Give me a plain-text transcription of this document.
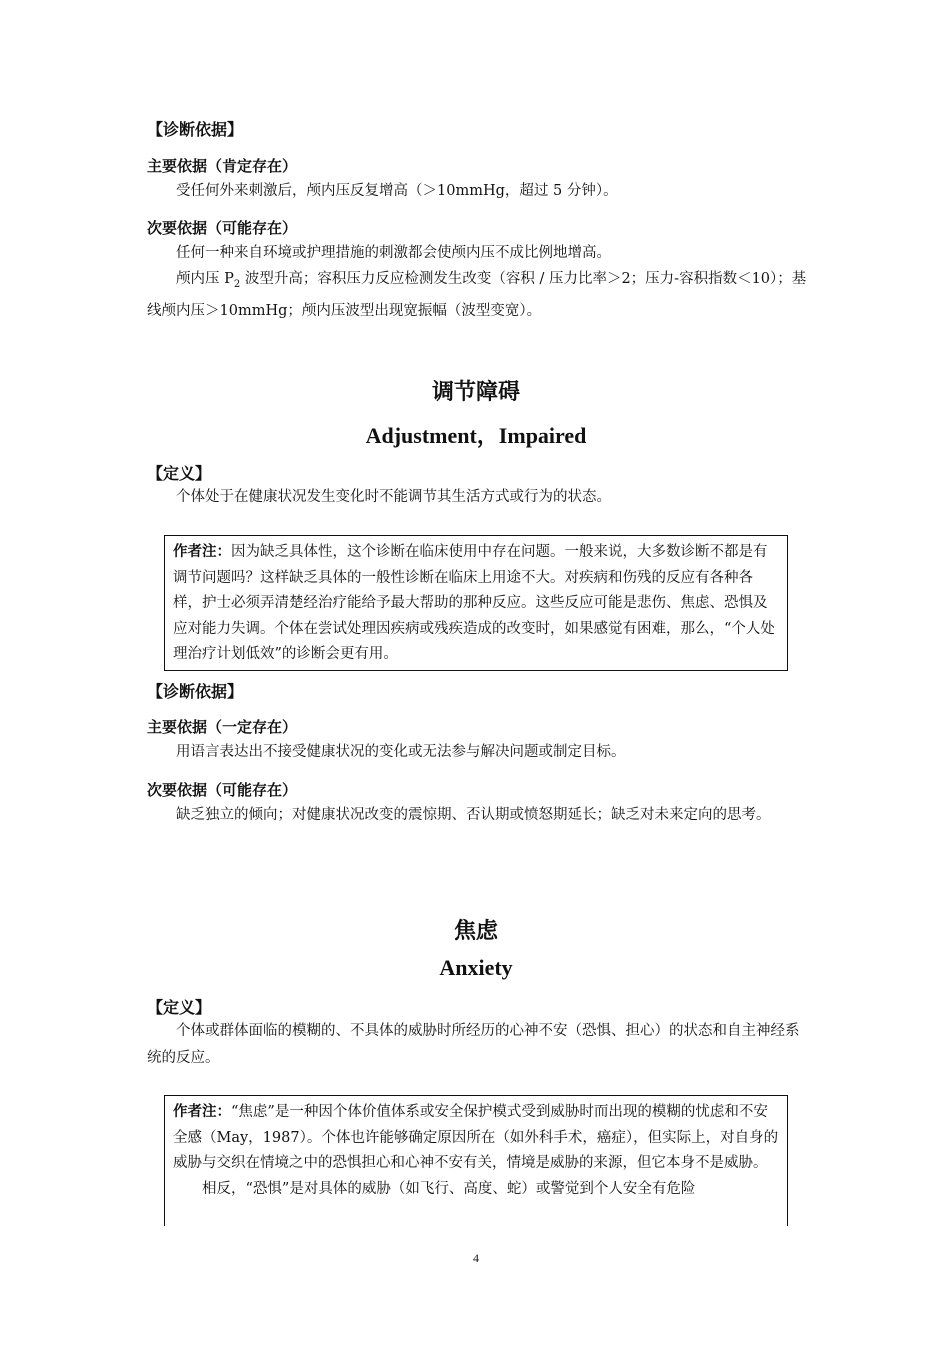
【诊断依据】

主要依据（肯定存在）

受任何外来刺激后，颅内压反复增高（＞10mmHg，超过 5 分钟）。

次要依据（可能存在）

任何一种来自环境或护理措施的刺激都会使颅内压不成比例地增高。

颅内压 $P_2$ 波型升高；容积压力反应检测发生改变（容积 / 压力比率＞2；压力-容积指数＜10）；基线颅内压＞10mmHg；颅内压波型出现宽振幅（波型变宽）。

调节障碍

Adjustment，Impaired

【定义】

个体处于在健康状况发生变化时不能调节其生活方式或行为的状态。

作者注：因为缺乏具体性，这个诊断在临床使用中存在问题。一般来说，大多数诊断不都是有调节问题吗？这样缺乏具体的一般性诊断在临床上用途不大。对疾病和伤残的反应有各种各样，护士必须弄清楚经治疗能给予最大帮助的那种反应。这些反应可能是悲伤、焦虑、恐惧及应对能力失调。个体在尝试处理因疾病或残疾造成的改变时，如果感觉有困难，那么，“个人处理治疗计划低效”的诊断会更有用。

【诊断依据】

主要依据（一定存在）

用语言表达出不接受健康状况的变化或无法参与解决问题或制定目标。

次要依据（可能存在）

缺乏独立的倾向；对健康状况改变的震惊期、否认期或愤怒期延长；缺乏对未来定向的思考。

焦虑

Anxiety

【定义】

个体或群体面临的模糊的、不具体的威胁时所经历的心神不安（恐惧、担心）的状态和自主神经系统的反应。

作者注：“焦虑”是一种因个体价值体系或安全保护模式受到威胁时而出现的模糊的忧虑和不安全感（May，1987）。个体也许能够确定原因所在（如外科手术，癌症），但实际上，对自身的威胁与交织在情境之中的恐惧担心和心神不安有关，情境是威胁的来源，但它本身不是威胁。
相反，“恐惧”是对具体的威胁（如飞行、高度、蛇）或警觉到个人安全有危险

4
